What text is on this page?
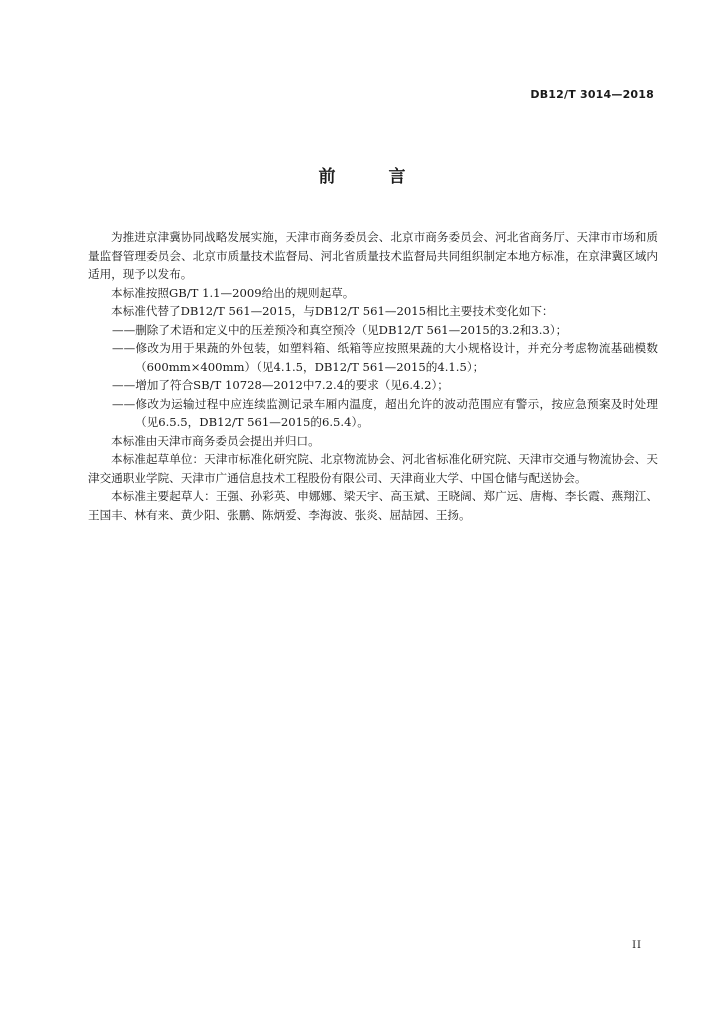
DB12/T 3014—2018
前　言

为推进京津冀协同战略发展实施，天津市商务委员会、北京市商务委员会、河北省商务厅、天津市市场和质量监督管理委员会、北京市质量技术监督局、河北省质量技术监督局共同组织制定本地方标准，在京津冀区域内适用，现予以发布。

本标准按照GB/T 1.1—2009给出的规则起草。

本标准代替了DB12/T 561—2015，与DB12/T 561—2015相比主要技术变化如下：

——删除了术语和定义中的压差预冷和真空预冷（见DB12/T 561—2015的3.2和3.3）；

——修改为用于果蔬的外包装，如塑料箱、纸箱等应按照果蔬的大小规格设计，并充分考虑物流基础模数（600mm×400mm）（见4.1.5，DB12/T 561—2015的4.1.5）；

——增加了符合SB/T 10728—2012中7.2.4的要求（见6.4.2）；

——修改为运输过程中应连续监测记录车厢内温度，超出允许的波动范围应有警示，按应急预案及时处理（见6.5.5，DB12/T 561—2015的6.5.4）。

本标准由天津市商务委员会提出并归口。

本标准起草单位：天津市标准化研究院、北京物流协会、河北省标准化研究院、天津市交通与物流协会、天津交通职业学院、天津市广通信息技术工程股份有限公司、天津商业大学、中国仓储与配送协会。

本标准主要起草人：王强、孙彩英、申娜娜、梁天宇、高玉斌、王晓阔、郑广远、唐梅、李长霞、燕翔江、王国丰、林有来、黄少阳、张鹏、陈炳爱、李海波、张炎、屈喆园、王扬。

II
